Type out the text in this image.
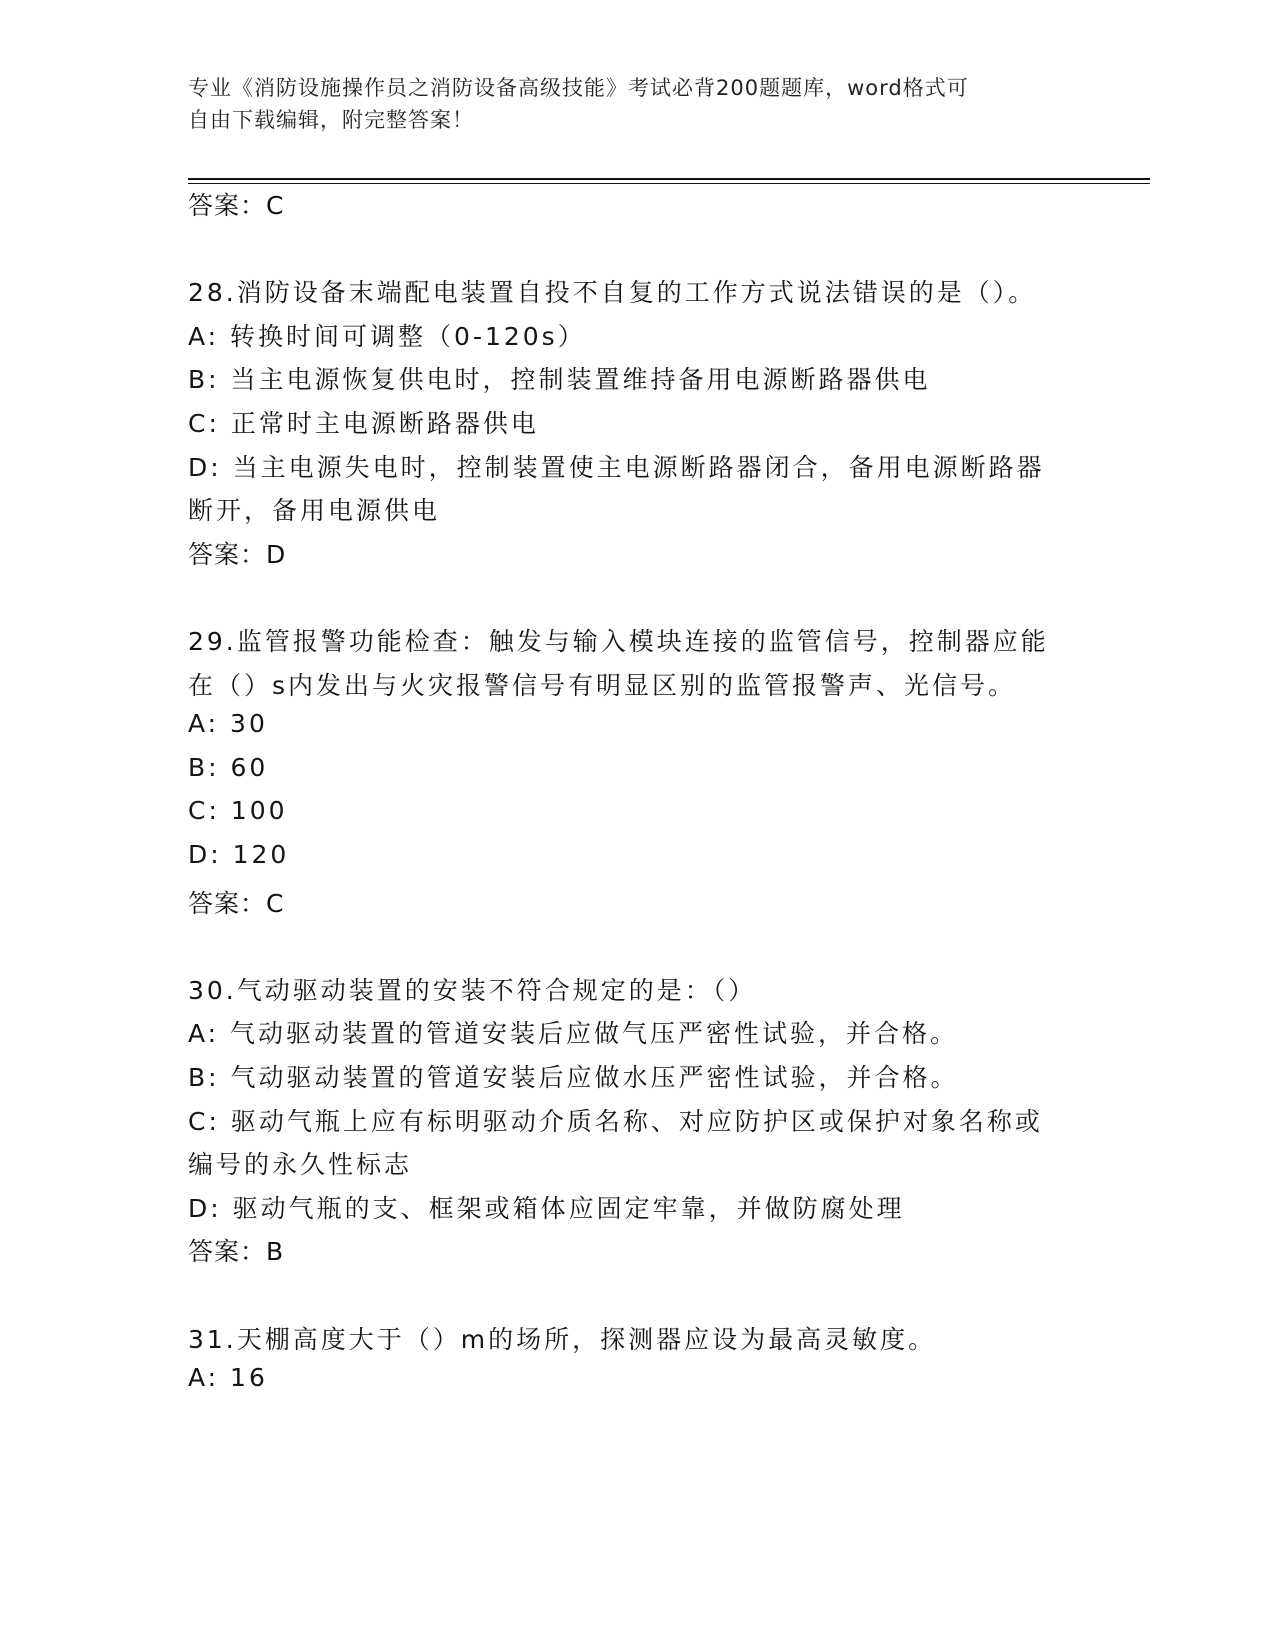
专业《消防设施操作员之消防设备高级技能》考试必背200题题库，word格式可
自由下载编辑，附完整答案！
答案：C
28.消防设备末端配电装置自投不自复的工作方式说法错误的是（）。
A: 转换时间可调整（0-120s）
B: 当主电源恢复供电时，控制装置维持备用电源断路器供电
C: 正常时主电源断路器供电
D: 当主电源失电时，控制装置使主电源断路器闭合，备用电源断路器
断开，备用电源供电
答案：D
29.监管报警功能检查：触发与输入模块连接的监管信号，控制器应能
在（）s内发出与火灾报警信号有明显区别的监管报警声、光信号。
A: 30
B: 60
C: 100
D: 120
答案：C
30.气动驱动装置的安装不符合规定的是：（）
A: 气动驱动装置的管道安装后应做气压严密性试验，并合格。
B: 气动驱动装置的管道安装后应做水压严密性试验，并合格。
C: 驱动气瓶上应有标明驱动介质名称、对应防护区或保护对象名称或
编号的永久性标志
D: 驱动气瓶的支、框架或箱体应固定牢靠，并做防腐处理
答案：B
31.天棚高度大于（）m的场所，探测器应设为最高灵敏度。
A: 16
